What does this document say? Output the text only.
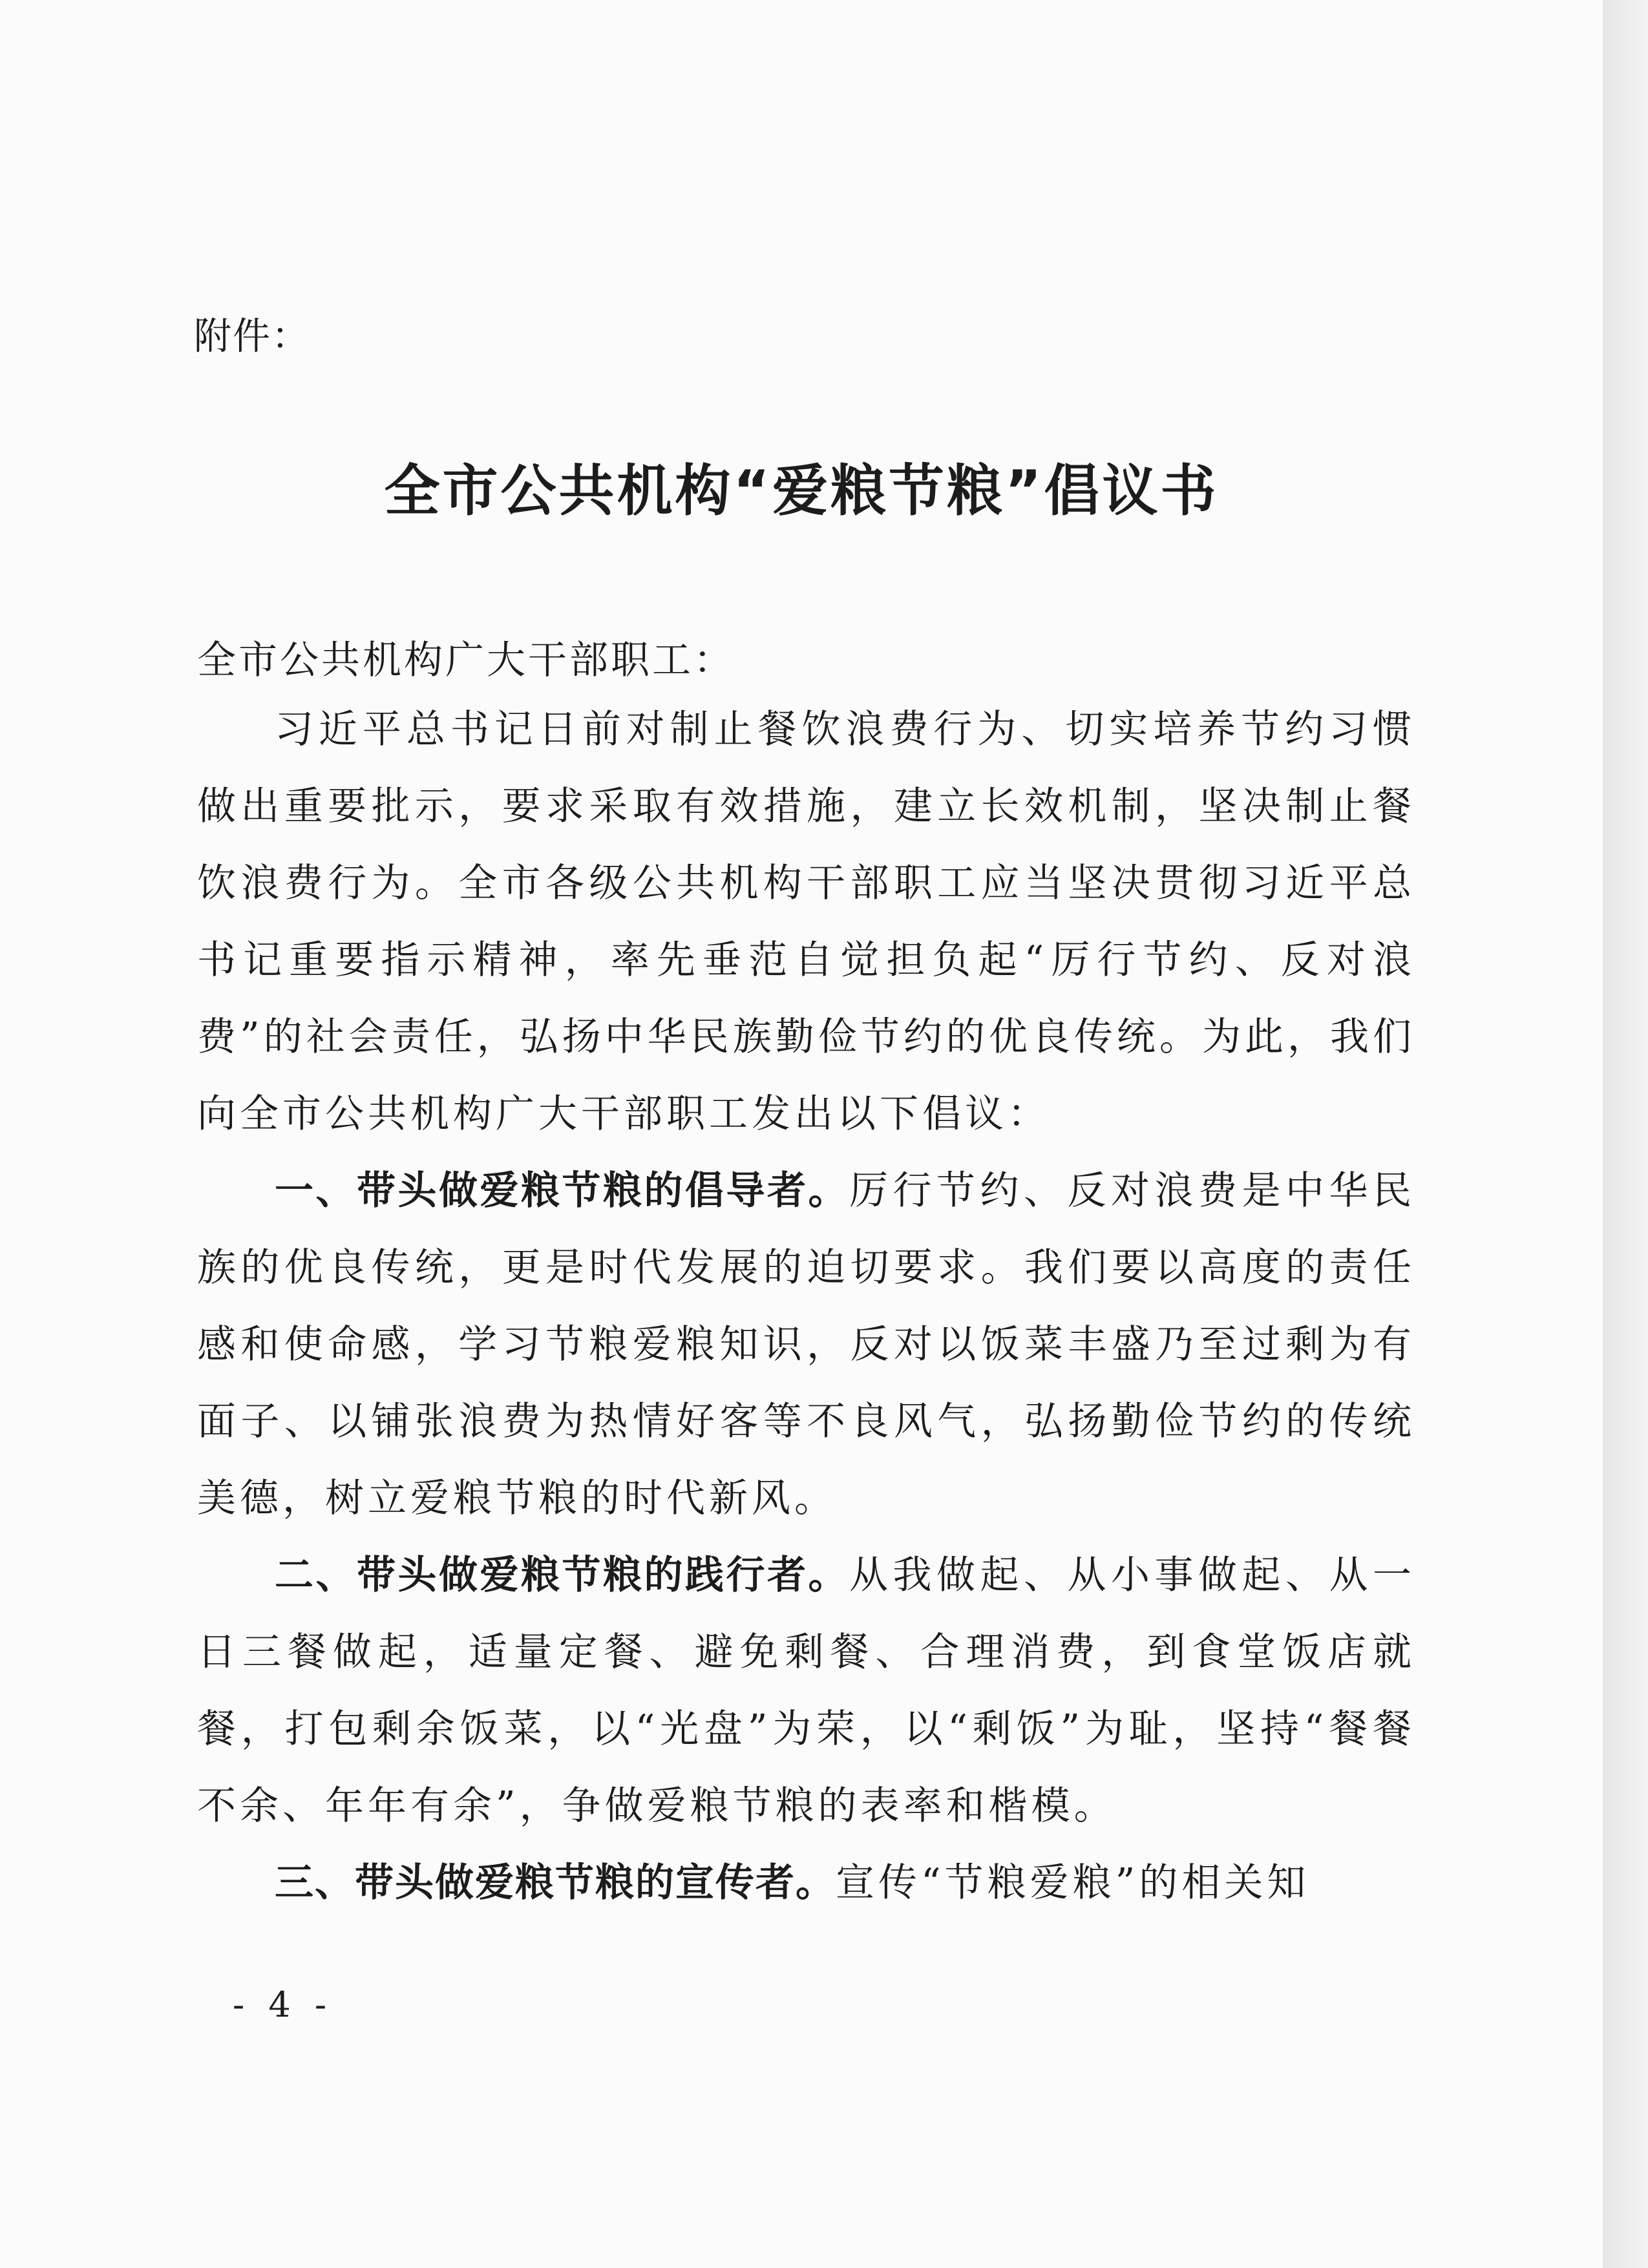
附件：
全市公共机构“爱粮节粮”倡议书
全市公共机构广大干部职工：

习近平总书记日前对制止餐饮浪费行为、切实培养节约习惯做出重要批示，要求采取有效措施，建立长效机制，坚决制止餐饮浪费行为。全市各级公共机构干部职工应当坚决贯彻习近平总书记重要指示精神，率先垂范自觉担负起“厉行节约、反对浪费”的社会责任，弘扬中华民族勤俭节约的优良传统。为此，我们向全市公共机构广大干部职工发出以下倡议：

一、带头做爱粮节粮的倡导者。厉行节约、反对浪费是中华民族的优良传统，更是时代发展的迫切要求。我们要以高度的责任感和使命感，学习节粮爱粮知识，反对以饭菜丰盛乃至过剩为有面子、以铺张浪费为热情好客等不良风气，弘扬勤俭节约的传统美德，树立爱粮节粮的时代新风。

二、带头做爱粮节粮的践行者。从我做起、从小事做起、从一日三餐做起，适量定餐、避免剩餐、合理消费，到食堂饭店就餐，打包剩余饭菜，以“光盘”为荣，以“剩饭”为耻，坚持“餐餐不余、年年有余”，争做爱粮节粮的表率和楷模。

三、带头做爱粮节粮的宣传者。宣传“节粮爱粮”的相关知

- 4 -
